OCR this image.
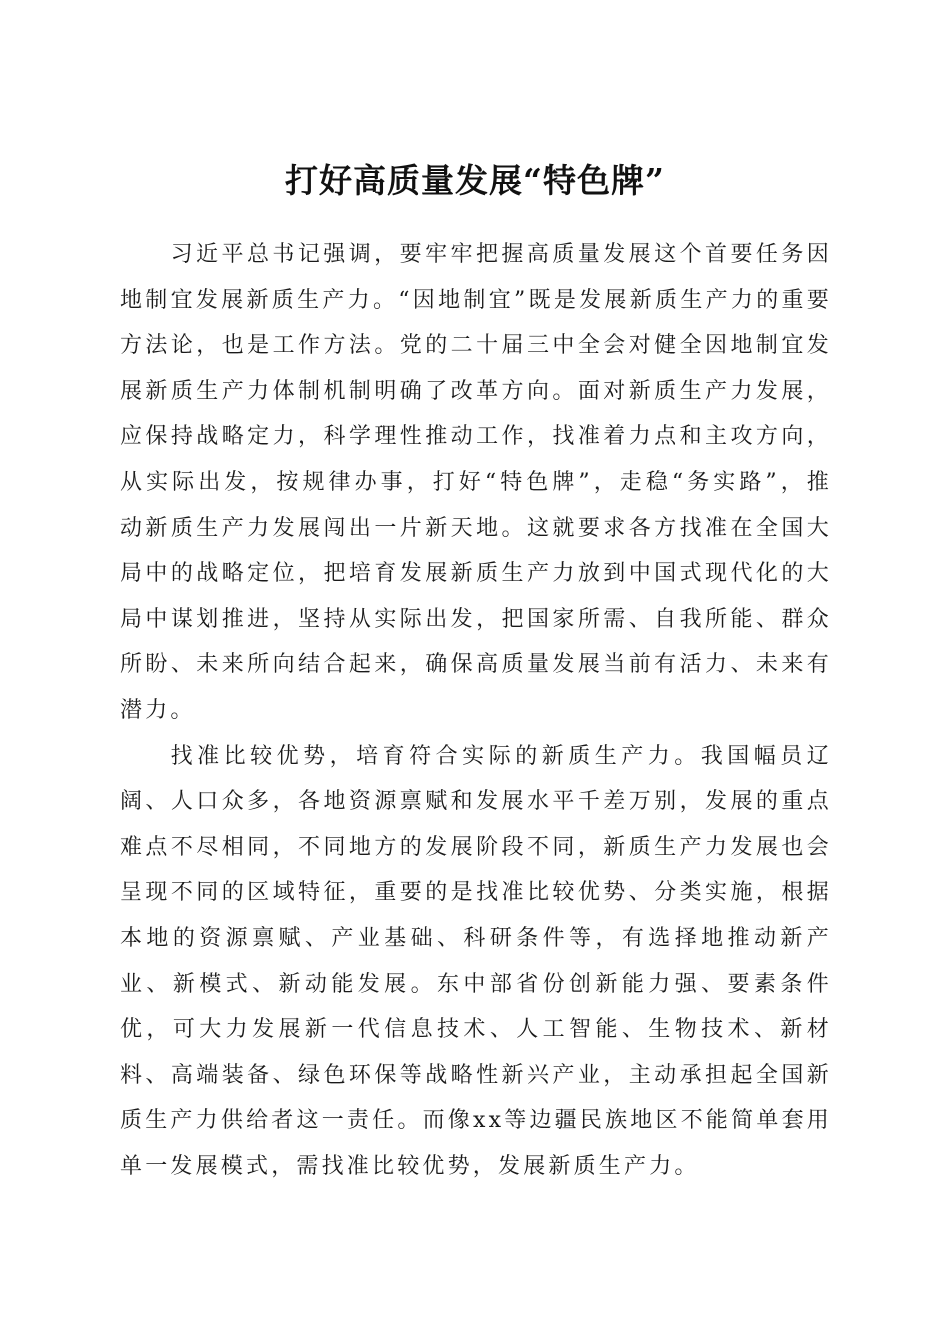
打好高质量发展“特色牌”

习近平总书记强调，要牢牢把握高质量发展这个首要任务因地制宜发展新质生产力。“因地制宜”既是发展新质生产力的重要方法论，也是工作方法。党的二十届三中全会对健全因地制宜发展新质生产力体制机制明确了改革方向。面对新质生产力发展，应保持战略定力，科学理性推动工作，找准着力点和主攻方向，从实际出发，按规律办事，打好“特色牌”，走稳“务实路”，推动新质生产力发展闯出一片新天地。这就要求各方找准在全国大局中的战略定位，把培育发展新质生产力放到中国式现代化的大局中谋划推进，坚持从实际出发，把国家所需、自我所能、群众所盼、未来所向结合起来，确保高质量发展当前有活力、未来有潜力。

找准比较优势，培育符合实际的新质生产力。我国幅员辽阔、人口众多，各地资源禀赋和发展水平千差万别，发展的重点难点不尽相同，不同地方的发展阶段不同，新质生产力发展也会呈现不同的区域特征，重要的是找准比较优势、分类实施，根据本地的资源禀赋、产业基础、科研条件等，有选择地推动新产业、新模式、新动能发展。东中部省份创新能力强、要素条件优，可大力发展新一代信息技术、人工智能、生物技术、新材料、高端装备、绿色环保等战略性新兴产业，主动承担起全国新质生产力供给者这一责任。而像xx等边疆民族地区不能简单套用单一发展模式，需找准比较优势，发展新质生产力。
